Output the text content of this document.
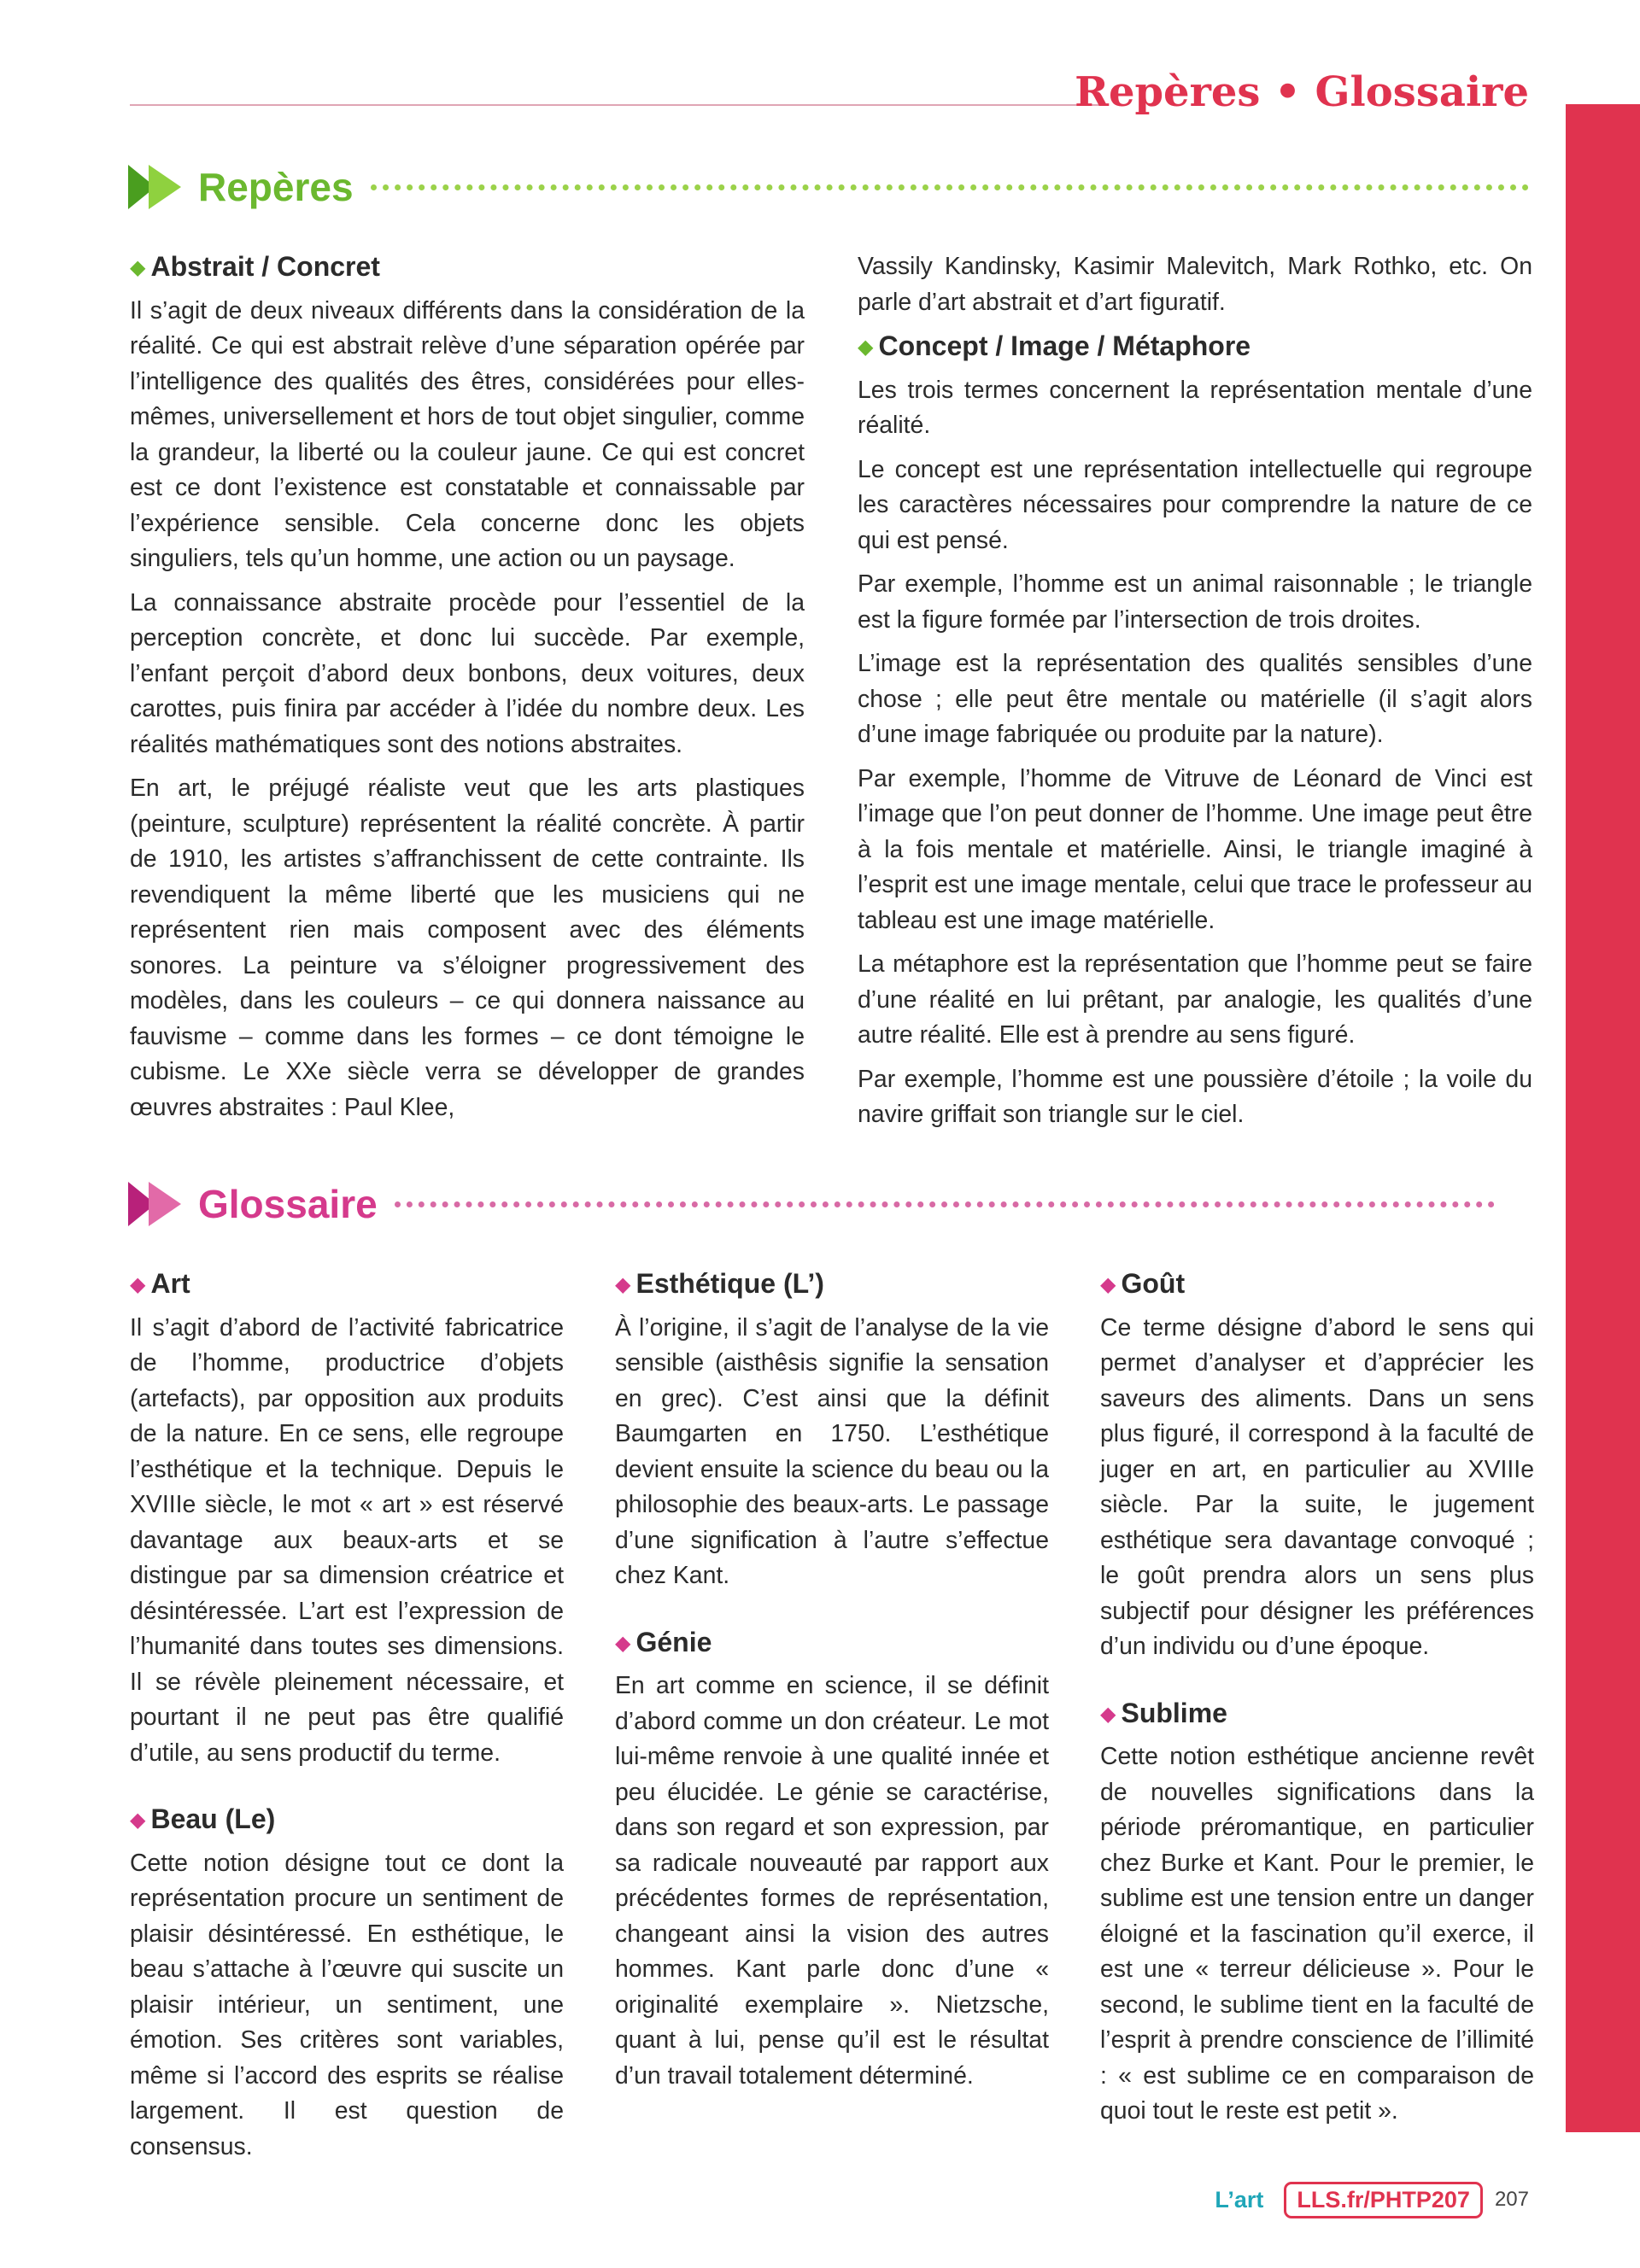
Repères • Glossaire
Repères
◆ Abstrait / Concret

Il s’agit de deux niveaux différents dans la considération de la réalité. Ce qui est abstrait relève d’une séparation opérée par l’intelligence des qualités des êtres, considérées pour elles-mêmes, universellement et hors de tout objet singulier, comme la grandeur, la liberté ou la couleur jaune. Ce qui est concret est ce dont l’existence est constatable et connaissable par l’expérience sensible. Cela concerne donc les objets singuliers, tels qu’un homme, une action ou un paysage.

La connaissance abstraite procède pour l’essentiel de la perception concrète, et donc lui succède. Par exemple, l’enfant perçoit d’abord deux bonbons, deux voitures, deux carottes, puis finira par accéder à l’idée du nombre deux. Les réalités mathématiques sont des notions abstraites.

En art, le préjugé réaliste veut que les arts plastiques (peinture, sculpture) représentent la réalité concrète. À partir de 1910, les artistes s’affranchissent de cette contrainte. Ils revendiquent la même liberté que les musiciens qui ne représentent rien mais composent avec des éléments sonores. La peinture va s’éloigner progressivement des modèles, dans les couleurs – ce qui donnera naissance au fauvisme – comme dans les formes – ce dont témoigne le cubisme. Le XXe siècle verra se développer de grandes œuvres abstraites : Paul Klee,

Vassily Kandinsky, Kasimir Malevitch, Mark Rothko, etc. On parle d’art abstrait et d’art figuratif.

◆ Concept / Image / Métaphore

Les trois termes concernent la représentation mentale d’une réalité.

Le concept est une représentation intellectuelle qui regroupe les caractères nécessaires pour comprendre la nature de ce qui est pensé.

Par exemple, l’homme est un animal raisonnable ; le triangle est la figure formée par l’intersection de trois droites.

L’image est la représentation des qualités sensibles d’une chose ; elle peut être mentale ou matérielle (il s’agit alors d’une image fabriquée ou produite par la nature).

Par exemple, l’homme de Vitruve de Léonard de Vinci est l’image que l’on peut donner de l’homme. Une image peut être à la fois mentale et matérielle. Ainsi, le triangle imaginé à l’esprit est une image mentale, celui que trace le professeur au tableau est une image matérielle.

La métaphore est la représentation que l’homme peut se faire d’une réalité en lui prêtant, par analogie, les qualités d’une autre réalité. Elle est à prendre au sens figuré.

Par exemple, l’homme est une poussière d’étoile ; la voile du navire griffait son triangle sur le ciel.

Glossaire
◆ Art

Il s’agit d’abord de l’activité fabricatrice de l’homme, productrice d’objets (artefacts), par opposition aux produits de la nature. En ce sens, elle regroupe l’esthétique et la technique. Depuis le XVIIIe siècle, le mot « art » est réservé davantage aux beaux-arts et se distingue par sa dimension créatrice et désintéressée. L’art est l’expression de l’humanité dans toutes ses dimensions. Il se révèle pleinement nécessaire, et pourtant il ne peut pas être qualifié d’utile, au sens productif du terme.

◆ Beau (Le)

Cette notion désigne tout ce dont la représentation procure un sentiment de plaisir désintéressé. En esthétique, le beau s’attache à l’œuvre qui suscite un plaisir intérieur, un sentiment, une émotion. Ses critères sont variables, même si l’accord des esprits se réalise largement. Il est question de consensus.

◆ Esthétique (L’)

À l’origine, il s’agit de l’analyse de la vie sensible (aisthêsis signifie la sensation en grec). C’est ainsi que la définit Baumgarten en 1750. L’esthétique devient ensuite la science du beau ou la philosophie des beaux-arts. Le passage d’une signification à l’autre s’effectue chez Kant.

◆ Génie

En art comme en science, il se définit d’abord comme un don créateur. Le mot lui-même renvoie à une qualité innée et peu élucidée. Le génie se caractérise, dans son regard et son expression, par sa radicale nouveauté par rapport aux précédentes formes de représentation, changeant ainsi la vision des autres hommes. Kant parle donc d’une « originalité exemplaire ». Nietzsche, quant à lui, pense qu’il est le résultat d’un travail totalement déterminé.

◆ Goût

Ce terme désigne d’abord le sens qui permet d’analyser et d’apprécier les saveurs des aliments. Dans un sens plus figuré, il correspond à la faculté de juger en art, en particulier au XVIIIe siècle. Par la suite, le jugement esthétique sera davantage convoqué ; le goût prendra alors un sens plus subjectif pour désigner les préférences d’un individu ou d’une époque.

◆ Sublime

Cette notion esthétique ancienne revêt de nouvelles significations dans la période préromantique, en particulier chez Burke et Kant. Pour le premier, le sublime est une tension entre un danger éloigné et la fascination qu’il exerce, il est une « terreur délicieuse ». Pour le second, le sublime tient en la faculté de l’esprit à prendre conscience de l’illimité : « est sublime ce en comparaison de quoi tout le reste est petit ».

L’art	LLS.fr/PHTP207	207
